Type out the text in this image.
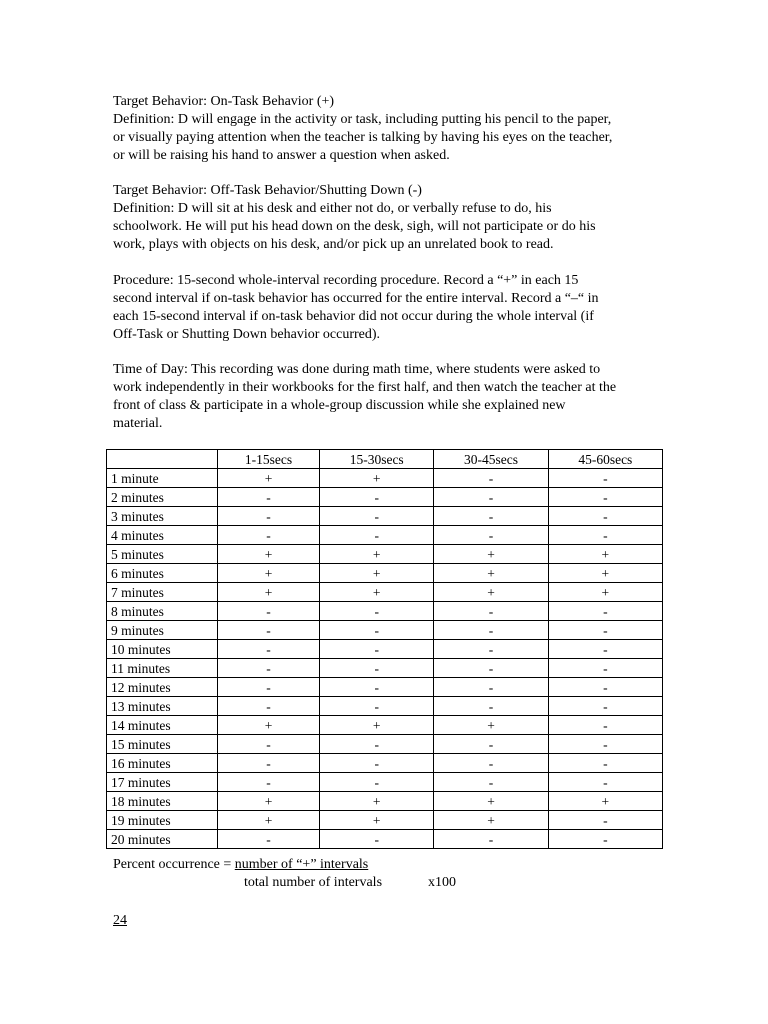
Target Behavior: On-Task Behavior (+)

Definition: D will engage in the activity or task, including putting his pencil to the paper,

or visually paying attention when the teacher is talking by having his eyes on the teacher,

or will be raising his hand to answer a question when asked.

Target Behavior: Off-Task Behavior/Shutting Down (-)

Definition: D will sit at his desk and either not do, or verbally refuse to do, his

schoolwork. He will put his head down on the desk, sigh, will not participate or do his

work, plays with objects on his desk, and/or pick up an unrelated book to read.

Procedure: 15-second whole-interval recording procedure. Record a “+” in each 15

second interval if on-task behavior has occurred for the entire interval. Record a “–“ in

each 15-second interval if on-task behavior did not occur during the whole interval (if

Off-Task or Shutting Down behavior occurred).

Time of Day: This recording was done during math time, where students were asked to

work independently in their workbooks for the first half, and then watch the teacher at the

front of class & participate in a whole-group discussion while she explained new

material.

	1-15secs	15-30secs	30-45secs	45-60secs
1 minute	+	+	-	-
2 minutes	-	-	-	-
3 minutes	-	-	-	-
4 minutes	-	-	-	-
5 minutes	+	+	+	+
6 minutes	+	+	+	+
7 minutes	+	+	+	+
8 minutes	-	-	-	-
9 minutes	-	-	-	-
10 minutes	-	-	-	-
11 minutes	-	-	-	-
12 minutes	-	-	-	-
13 minutes	-	-	-	-
14 minutes	+	+	+	-
15 minutes	-	-	-	-
16 minutes	-	-	-	-
17 minutes	-	-	-	-
18 minutes	+	+	+	+
19 minutes	+	+	+	-
20 minutes	-	-	-	-
Percent occurrence = number of “+” intervals
total number of intervals	x100
24
